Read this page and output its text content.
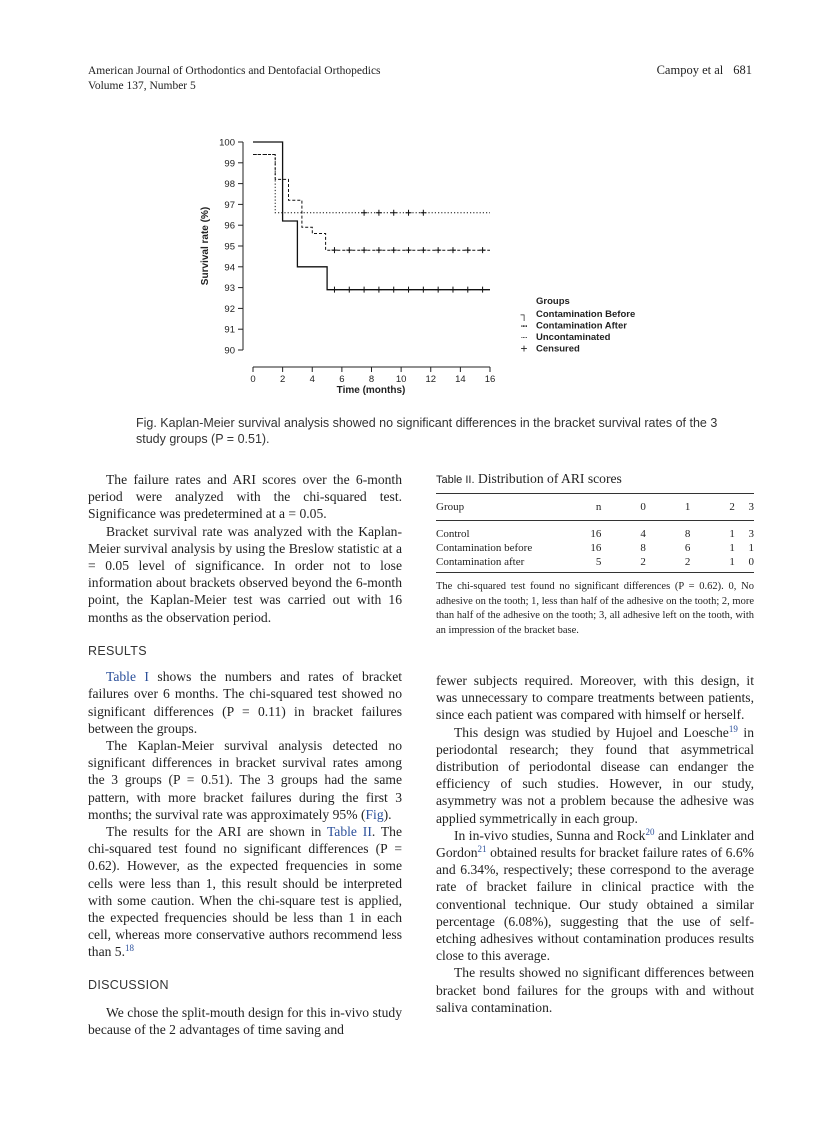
American Journal of Orthodontics and Dentofacial Orthopedics
Volume 137, Number 5
Campoy et al 681
Survival rate (%)
Time (months)
90
91
92
93
94
95
96
97
98
99
100
0	2	4	6	8 10 12 14 16
Groups
┐ Contamination Before
┉ Contamination After
┈ Uncontaminated
+ Censured
Fig. Kaplan-Meier survival analysis showed no significant differences in the bracket survival rates of the 3 study groups (P = 0.51).

The failure rates and ARI scores over the 6-month period were analyzed with the chi-squared test. Significance was predetermined at a = 0.05.

Bracket survival rate was analyzed with the Kaplan-Meier survival analysis by using the Breslow statistic at a = 0.05 level of significance. In order not to lose information about brackets observed beyond the 6-month point, the Kaplan-Meier test was carried out with 16 months as the observation period.

Table II. Distribution of ARI scores
Group	n	0	1	2	3
Control	16	4	8	1	3
Contamination before	16	8	6	1	1
Contamination after	5	2	2	1	0
The chi-squared test found no significant differences (P = 0.62). 0, No adhesive on the tooth; 1, less than half of the adhesive on the tooth; 2, more than half of the adhesive on the tooth; 3, all adhesive left on the tooth, with an impression of the bracket base.

RESULTS

Table I shows the numbers and rates of bracket failures over 6 months. The chi-squared test showed no significant differences (P = 0.11) in bracket failures between the groups.

The Kaplan-Meier survival analysis detected no significant differences in bracket survival rates among the 3 groups (P = 0.51). The 3 groups had the same pattern, with more bracket failures during the first 3 months; the survival rate was approximately 95% (Fig).

The results for the ARI are shown in Table II. The chi-squared test found no significant differences (P = 0.62). However, as the expected frequencies in some cells were less than 1, this result should be interpreted with some caution. When the chi-square test is applied, the expected frequencies should be less than 1 in each cell, whereas more conservative authors recommend less than 5.18

DISCUSSION

We chose the split-mouth design for this in-vivo study because of the 2 advantages of time saving and

fewer subjects required. Moreover, with this design, it was unnecessary to compare treatments between patients, since each patient was compared with himself or herself.

This design was studied by Hujoel and Loesche$^{19}$ in periodontal research; they found that asymmetrical distribution of periodontal disease can endanger the efficiency of such studies. However, in our study, asymmetry was not a problem because the adhesive was applied symmetrically in each group.

In in-vivo studies, Sunna and Rock$^{20}$ and Linklater and Gordon$^{21}$ obtained results for bracket failure rates of 6.6% and 6.34%, respectively; these correspond to the average rate of bracket failure in clinical practice with the conventional technique. Our study obtained a similar percentage (6.08%), suggesting that the use of self-etching adhesives without contamination produces results close to this average.

The results showed no significant differences between bracket bond failures for the groups with and without saliva contamination.
